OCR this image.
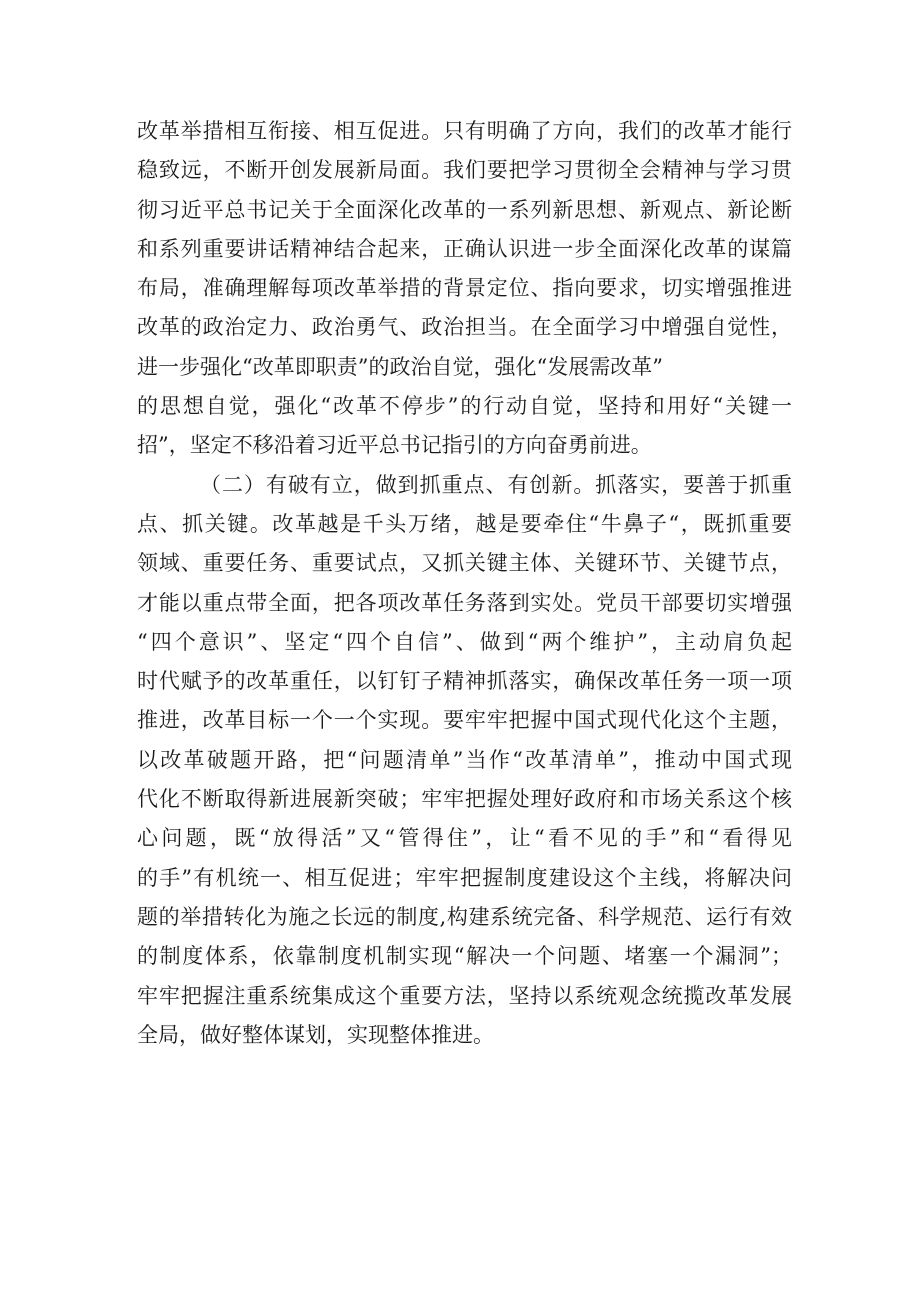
改革举措相互衔接、相互促进。只有明确了方向，我们的改革才能行
稳致远，不断开创发展新局面。我们要把学习贯彻全会精神与学习贯
彻习近平总书记关于全面深化改革的一系列新思想、新观点、新论断
和系列重要讲话精神结合起来，正确认识进一步全面深化改革的谋篇
布局，准确理解每项改革举措的背景定位、指向要求，切实增强推进
改革的政治定力、政治勇气、政治担当。在全面学习中增强自觉性，
进一步强化“改革即职责”的政治自觉，强化“发展需改革”
的思想自觉，强化“改革不停步”的行动自觉，坚持和用好“关键一
招”，坚定不移沿着习近平总书记指引的方向奋勇前进。
（二）有破有立，做到抓重点、有创新。抓落实，要善于抓重
点、抓关键。改革越是千头万绪，越是要牵住“牛鼻子“，既抓重要
领域、重要任务、重要试点，又抓关键主体、关键环节、关键节点，
才能以重点带全面，把各项改革任务落到实处。党员干部要切实增强
“四个意识”、坚定“四个自信”、做到“两个维护”，主动肩负起
时代赋予的改革重任，以钉钉子精神抓落实，确保改革任务一项一项
推进，改革目标一个一个实现。要牢牢把握中国式现代化这个主题，
以改革破题开路，把“问题清单”当作“改革清单”，推动中国式现
代化不断取得新进展新突破；牢牢把握处理好政府和市场关系这个核
心问题，既“放得活”又“管得住”，让“看不见的手”和“看得见
的手”有机统一、相互促进；牢牢把握制度建设这个主线，将解决问
题的举措转化为施之长远的制度,构建系统完备、科学规范、运行有效
的制度体系，依靠制度机制实现“解决一个问题、堵塞一个漏洞”；
牢牢把握注重系统集成这个重要方法，坚持以系统观念统揽改革发展
全局，做好整体谋划，实现整体推进。
